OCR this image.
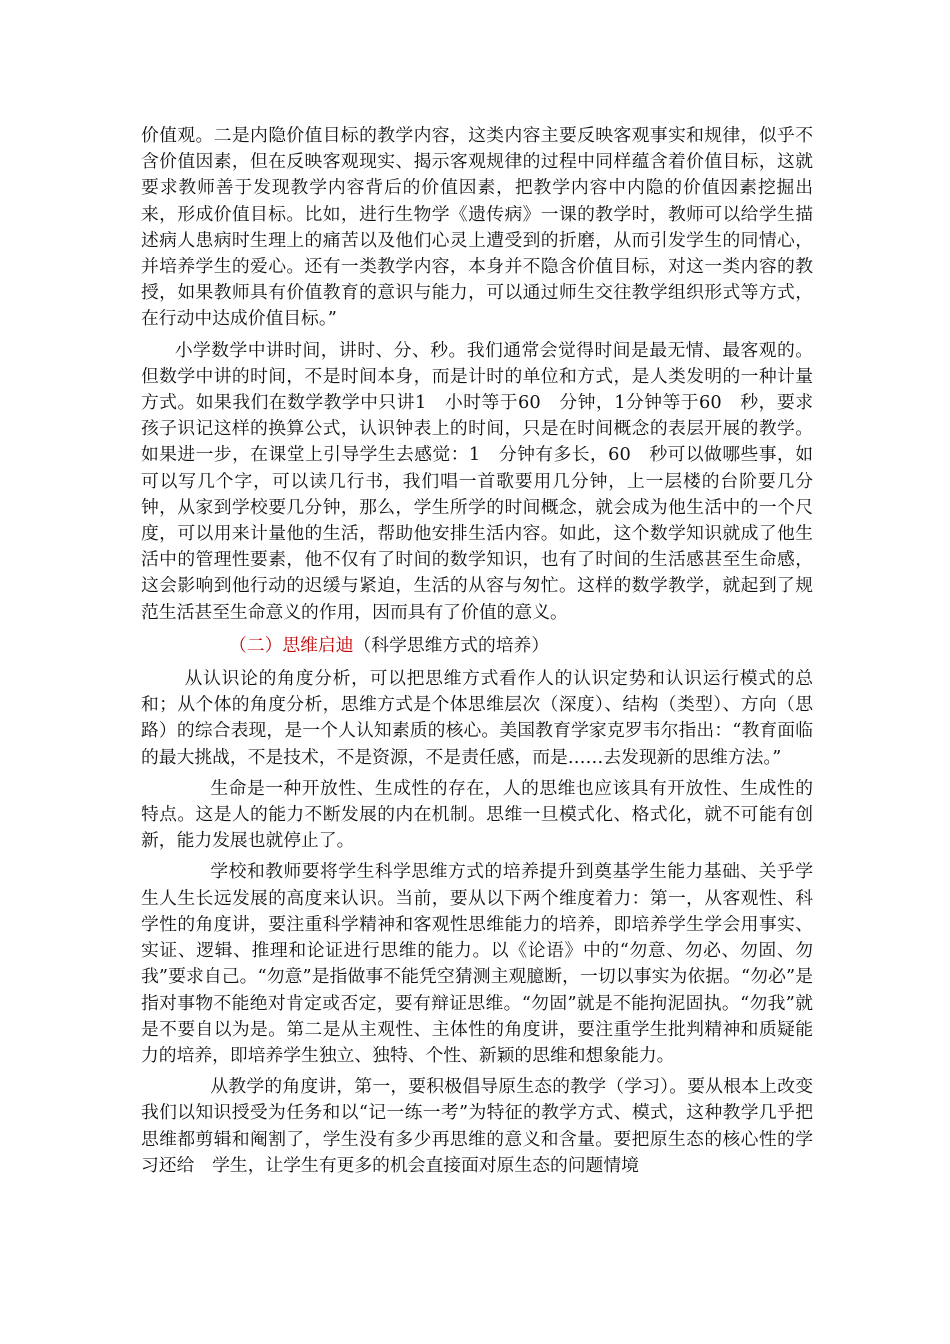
价值观。二是内隐价值目标的教学内容，这类内容主要反映客观事实和规律，似乎不含价值因素，但在反映客观现实、揭示客观规律的过程中同样蕴含着价值目标，这就要求教师善于发现教学内容背后的价值因素，把教学内容中内隐的价值因素挖掘出来，形成价值目标。比如，进行生物学《遗传病》一课的教学时，教师可以给学生描述病人患病时生理上的痛苦以及他们心灵上遭受到的折磨，从而引发学生的同情心，并培养学生的爱心。还有一类教学内容，本身并不隐含价值目标，对这一类内容的教授，如果教师具有价值教育的意识与能力，可以通过师生交往教学组织形式等方式， 在行动中达成价值目标。”

小学数学中讲时间，讲时、分、秒。我们通常会觉得时间是最无情、最客观的。但数学中讲的时间，不是时间本身，而是计时的单位和方式，是人类发明的一种计量方式。如果我们在数学教学中只讲1　小时等于60　分钟，1分钟等于60　秒，要求孩子识记这样的换算公式，认识钟表上的时间，只是在时间概念的表层开展的教学。如果进一步，在课堂上引导学生去感觉：1　分钟有多长，60　秒可以做哪些事，如可以写几个字，可以读几行书，我们唱一首歌要用几分钟，上一层楼的台阶要几分钟，从家到学校要几分钟，那么，学生所学的时间概念，就会成为他生活中的一个尺度，可以用来计量他的生活，帮助他安排生活内容。如此，这个数学知识就成了他生活中的管理性要素，他不仅有了时间的数学知识，也有了时间的生活感甚至生命感，这会影响到他行动的迟缓与紧迫，生活的从容与匆忙。这样的数学教学，就起到了规范生活甚至生命意义的作用，因而具有了价值的意义。

（二）思维启迪（科学思维方式的培养）

从认识论的角度分析，可以把思维方式看作人的认识定势和认识运行模式的总和；从个体的角度分析，思维方式是个体思维层次（深度）、结构（类型）、方向（思路）的综合表现，是一个人认知素质的核心。美国教育学家克罗韦尔指出：“教育面临的最大挑战，不是技术，不是资源，不是责任感，而是……去发现新的思维方法。”

生命是一种开放性、生成性的存在，人的思维也应该具有开放性、生成性的特点。这是人的能力不断发展的内在机制。思维一旦模式化、格式化，就不可能有创新，能力发展也就停止了。

学校和教师要将学生科学思维方式的培养提升到奠基学生能力基础、关乎学生人生长远发展的高度来认识。当前，要从以下两个维度着力：第一，从客观性、科学性的角度讲，要注重科学精神和客观性思维能力的培养，即培养学生学会用事实、实证、逻辑、推理和论证进行思维的能力。以《论语》中的“勿意、勿必、勿固、勿我”要求自己。“勿意”是指做事不能凭空猜测主观臆断，一切以事实为依据。“勿必”是指对事物不能绝对肯定或否定，要有辩证思维。“勿固”就是不能拘泥固执。“勿我”就是不要自以为是。第二是从主观性、主体性的角度讲，要注重学生批判精神和质疑能力的培养，即培养学生独立、独特、个性、新颖的思维和想象能力。

从教学的角度讲，第一，要积极倡导原生态的教学（学习）。要从根本上改变我们以知识授受为任务和以“记一练一考”为特征的教学方式、模式，这种教学几乎把思维都剪辑和阉割了，学生没有多少再思维的意义和含量。要把原生态的核心性的学习还给　学生，让学生有更多的机会直接面对原生态的问题情境
